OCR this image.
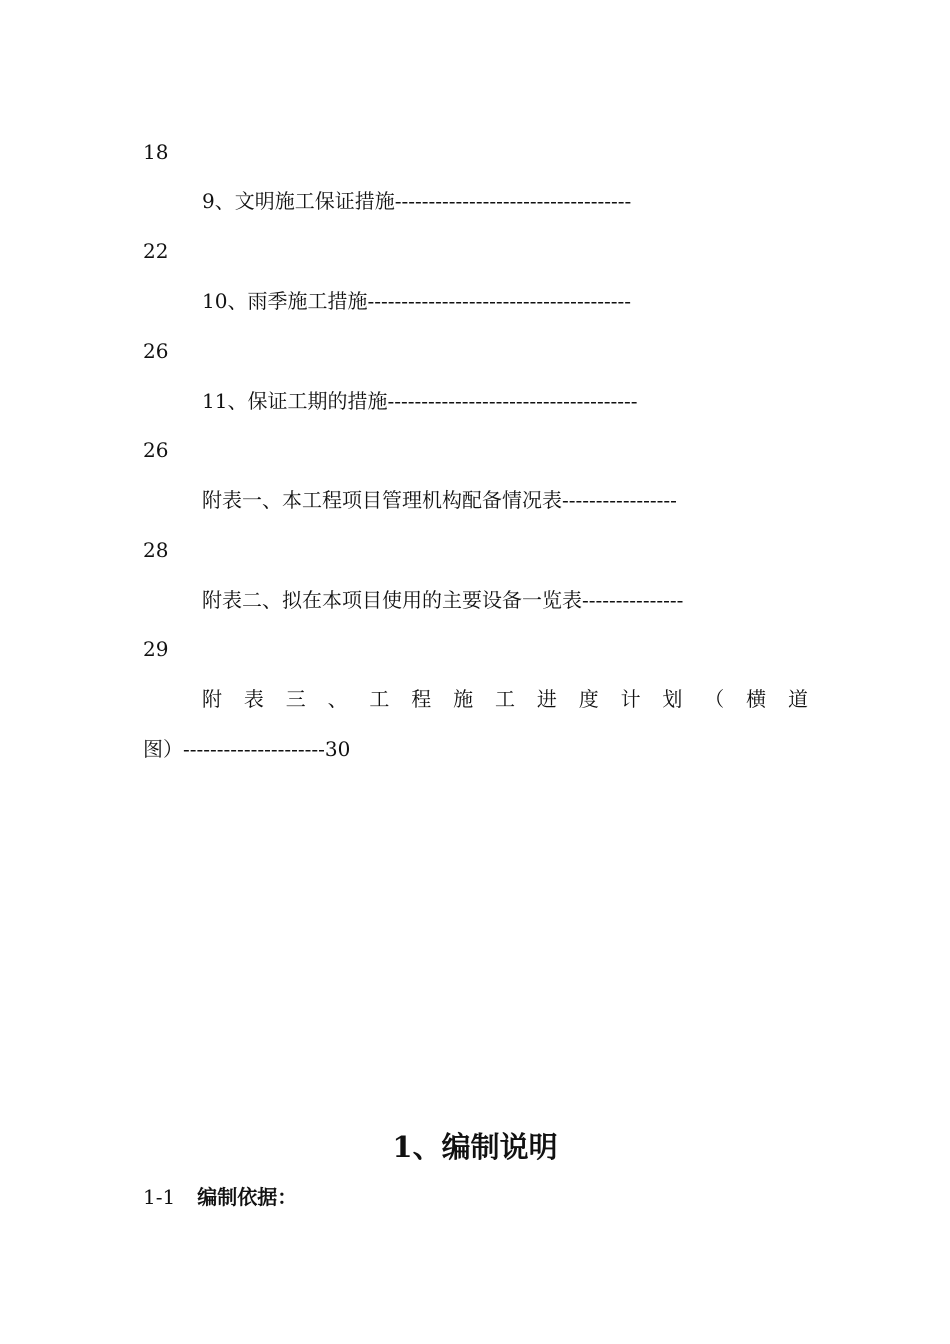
18
9、文明施工保证措施-----------------------------------
22
10、雨季施工措施---------------------------------------
26
11、保证工期的措施-------------------------------------
26
附表一、本工程项目管理机构配备情况表-----------------
28
附表二、拟在本项目使用的主要设备一览表---------------
29
附表三、工程施工进度计划（横道
图）---------------------30
1、编制说明
1-1 编制依据：
